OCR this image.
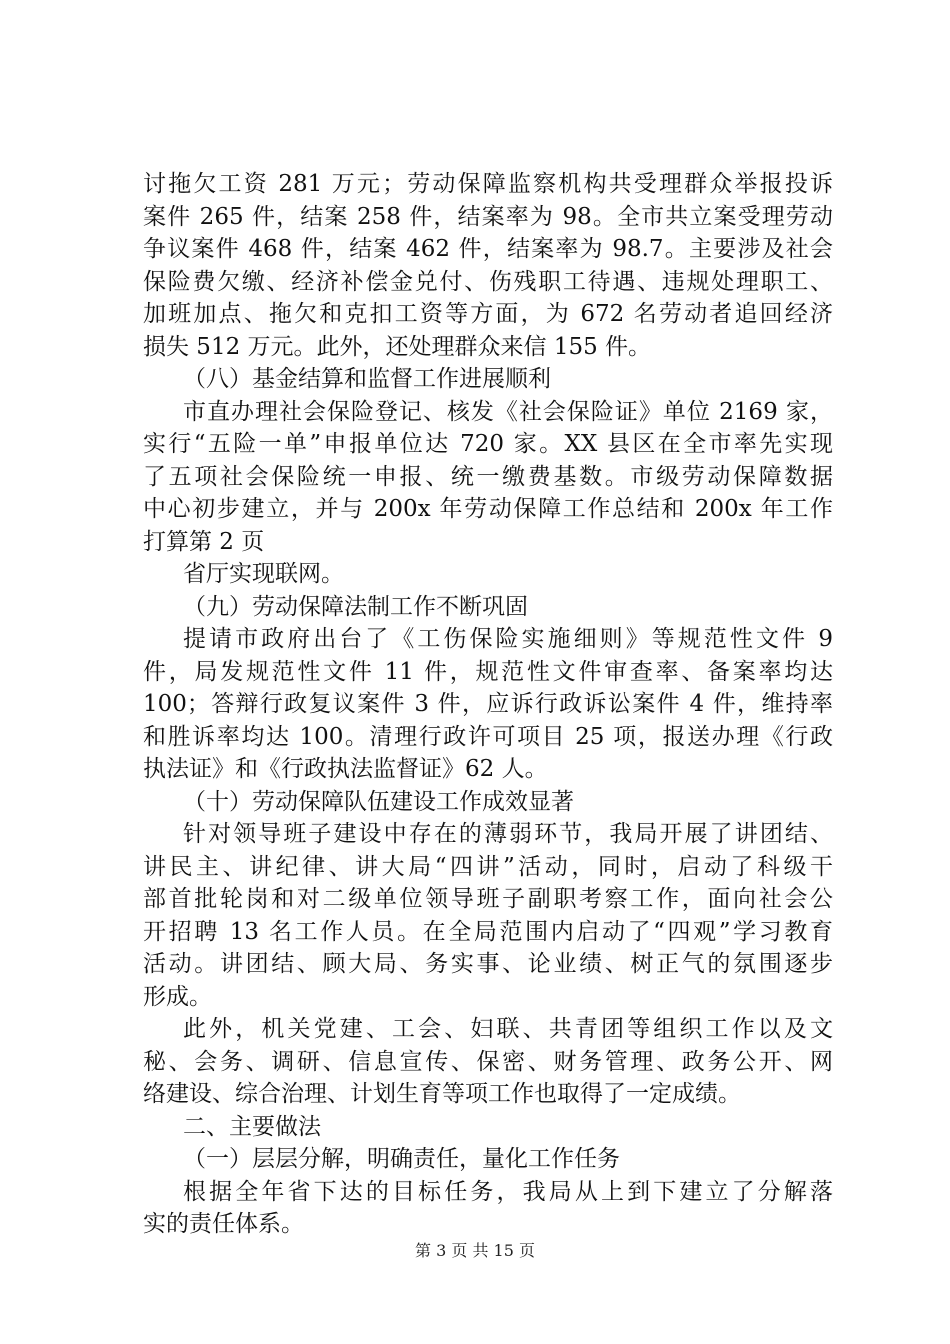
讨拖欠工资 281 万元；劳动保障监察机构共受理群众举报投诉
案件 265 件，结案 258 件，结案率为 98。全市共立案受理劳动
争议案件 468 件，结案 462 件，结案率为 98.7。主要涉及社会
保险费欠缴、经济补偿金兑付、伤残职工待遇、违规处理职工、
加班加点、拖欠和克扣工资等方面，为 672 名劳动者追回经济
损失 512 万元。此外，还处理群众来信 155 件。
（八）基金结算和监督工作进展顺利
市直办理社会保险登记、核发《社会保险证》单位 2169 家，
实行“五险一单”申报单位达 720 家。XX 县区在全市率先实现
了五项社会保险统一申报、统一缴费基数。市级劳动保障数据
中心初步建立，并与 200x 年劳动保障工作总结和 200x 年工作
打算第 2 页
省厅实现联网。
（九）劳动保障法制工作不断巩固
提请市政府出台了《工伤保险实施细则》等规范性文件 9
件，局发规范性文件 11 件，规范性文件审查率、备案率均达
100；答辩行政复议案件 3 件，应诉行政诉讼案件 4 件，维持率
和胜诉率均达 100。清理行政许可项目 25 项，报送办理《行政
执法证》和《行政执法监督证》62 人。
（十）劳动保障队伍建设工作成效显著
针对领导班子建设中存在的薄弱环节，我局开展了讲团结、
讲民主、讲纪律、讲大局“四讲”活动，同时，启动了科级干
部首批轮岗和对二级单位领导班子副职考察工作，面向社会公
开招聘 13 名工作人员。在全局范围内启动了“四观”学习教育
活动。讲团结、顾大局、务实事、论业绩、树正气的氛围逐步
形成。
此外，机关党建、工会、妇联、共青团等组织工作以及文
秘、会务、调研、信息宣传、保密、财务管理、政务公开、网
络建设、综合治理、计划生育等项工作也取得了一定成绩。
二、主要做法
（一）层层分解，明确责任，量化工作任务
根据全年省下达的目标任务，我局从上到下建立了分解落
实的责任体系。
第 3 页 共 15 页
